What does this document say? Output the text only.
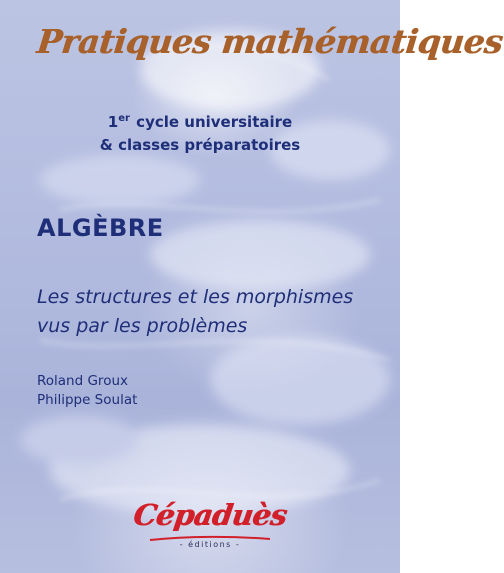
Pratiques mathématiques
1er cycle universitaire
& classes préparatoires
ALGÈBRE

Les structures et les morphismes

vus par les problèmes

Roland Groux
Philippe Soulat
Cépaduès
- éditions -
